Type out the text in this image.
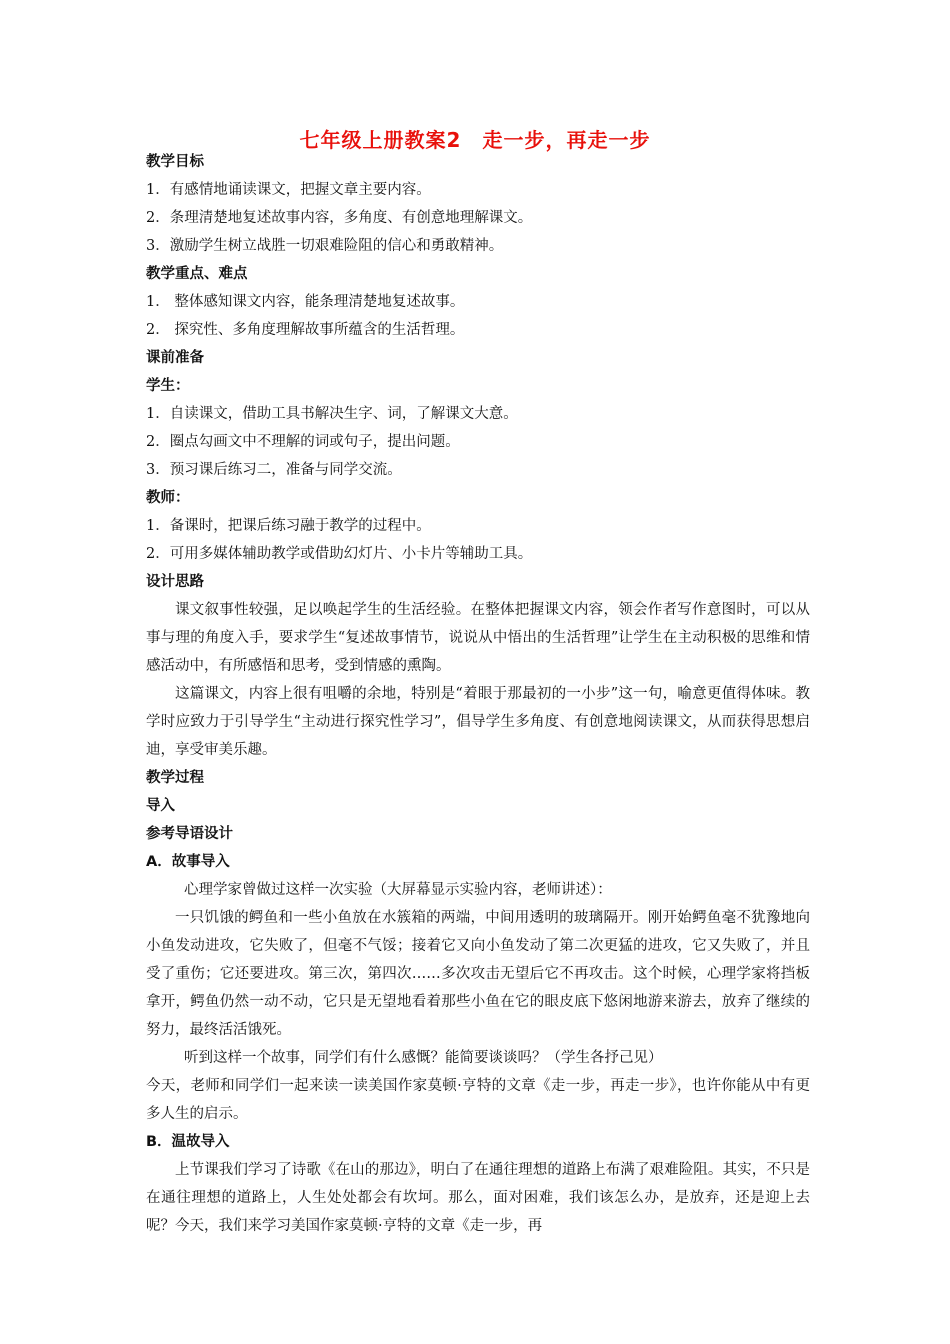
七年级上册教案2　走一步，再走一步
教学目标
1．有感情地诵读课文，把握文章主要内容。
2．条理清楚地复述故事内容，多角度、有创意地理解课文。
3．激励学生树立战胜一切艰难险阻的信心和勇敢精神。
教学重点、难点
1． 整体感知课文内容，能条理清楚地复述故事。
2． 探究性、多角度理解故事所蕴含的生活哲理。
课前准备
学生：
1．自读课文，借助工具书解决生字、词，了解课文大意。
2．圈点勾画文中不理解的词或句子，提出问题。
3．预习课后练习二，准备与同学交流。
教师：
1．备课时，把课后练习融于教学的过程中。
2．可用多媒体辅助教学或借助幻灯片、小卡片等辅助工具。
设计思路
课文叙事性较强，足以唤起学生的生活经验。在整体把握课文内容，领会作者写作意图时，可以从事与理的角度入手，要求学生“复述故事情节，说说从中悟出的生活哲理”让学生在主动积极的思维和情感活动中，有所感悟和思考，受到情感的熏陶。
这篇课文，内容上很有咀嚼的余地，特别是“着眼于那最初的一小步”这一句，喻意更值得体味。教学时应致力于引导学生“主动进行探究性学习”，倡导学生多角度、有创意地阅读课文，从而获得思想启迪，享受审美乐趣。
教学过程
导入
参考导语设计
A．故事导入
心理学家曾做过这样一次实验（大屏幕显示实验内容，老师讲述）：
一只饥饿的鳄鱼和一些小鱼放在水簇箱的两端，中间用透明的玻璃隔开。刚开始鳄鱼毫不犹豫地向小鱼发动进攻，它失败了，但毫不气馁；接着它又向小鱼发动了第二次更猛的进攻，它又失败了，并且受了重伤；它还要进攻。第三次，第四次……多次攻击无望后它不再攻击。这个时候，心理学家将挡板拿开，鳄鱼仍然一动不动，它只是无望地看着那些小鱼在它的眼皮底下悠闲地游来游去，放弃了继续的努力，最终活活饿死。
听到这样一个故事，同学们有什么感慨？能简要谈谈吗？（学生各抒己见）
今天，老师和同学们一起来读一读美国作家莫顿·亨特的文章《走一步，再走一步》，也许你能从中有更多人生的启示。
B．温故导入
上节课我们学习了诗歌《在山的那边》，明白了在通往理想的道路上布满了艰难险阻。其实，不只是在通往理想的道路上，人生处处都会有坎坷。那么，面对困难，我们该怎么办，是放弃，还是迎上去呢？今天，我们来学习美国作家莫顿·亨特的文章《走一步，再
